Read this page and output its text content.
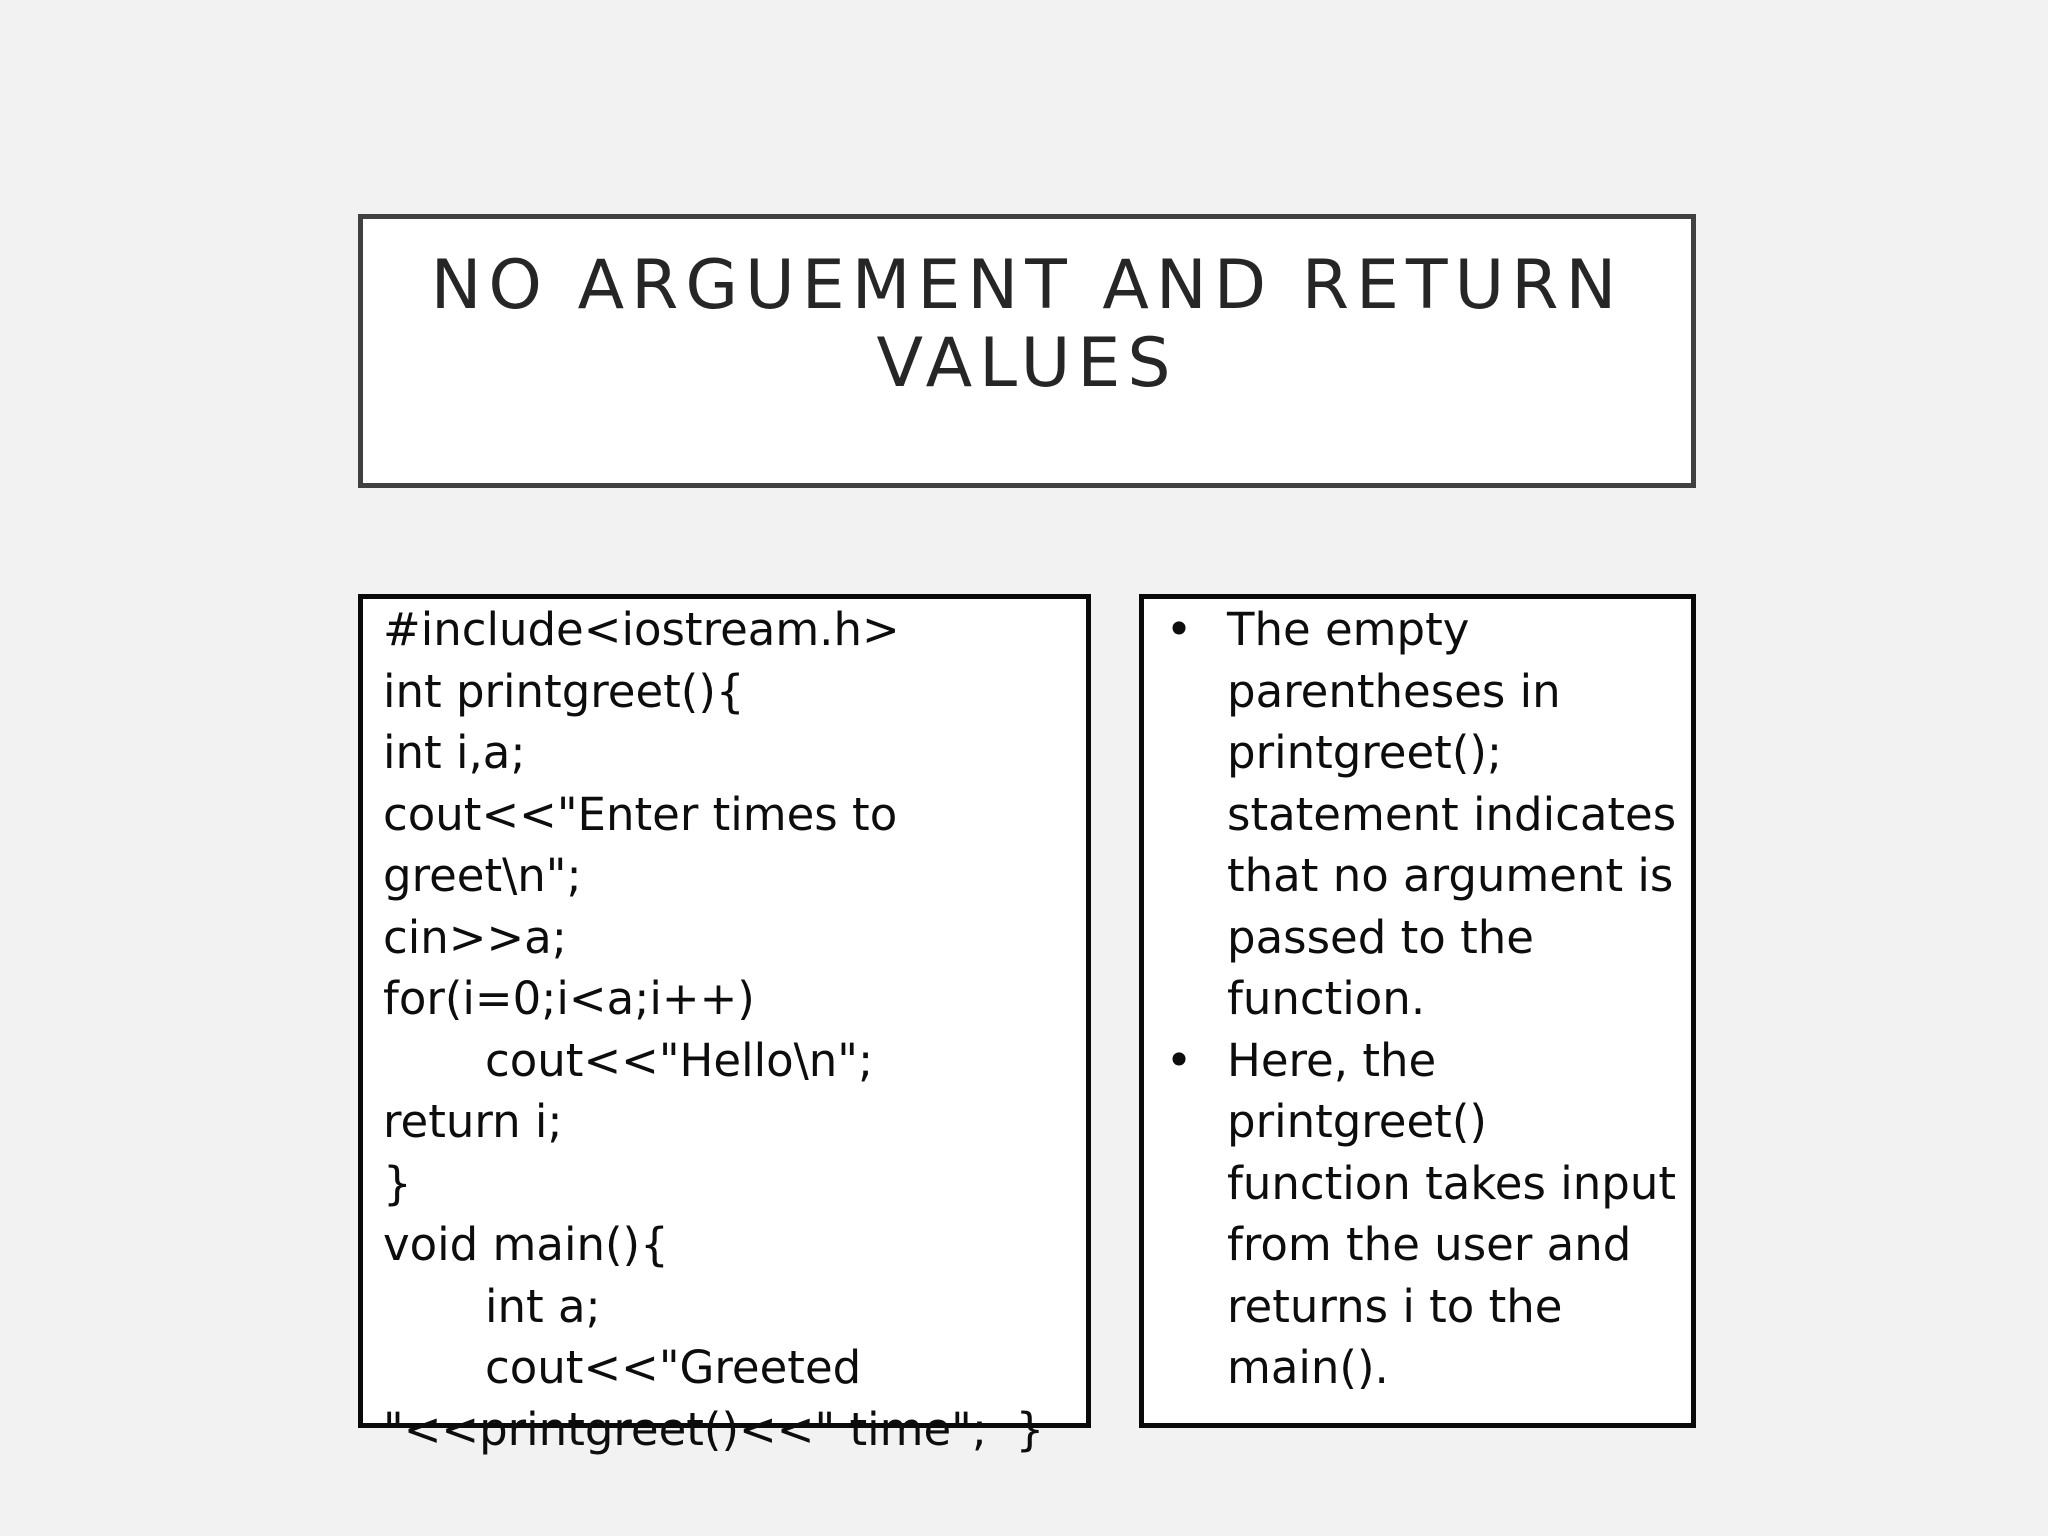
NO ARGUEMENT AND RETURN
VALUES
#include<iostream.h>
int printgreet(){
int i,a;
cout<<"Enter times to
greet\n";
cin>>a;
for(i=0;i<a;i++)
cout<<"Hello\n";
return i;
}
void main(){
int a;
cout<<"Greeted
"<<printgreet()<<" time";  }
• The empty parentheses in printgreet(); statement indicates that no argument is passed to the function.
• Here, the printgreet() function takes input from the user and returns i to the main().
